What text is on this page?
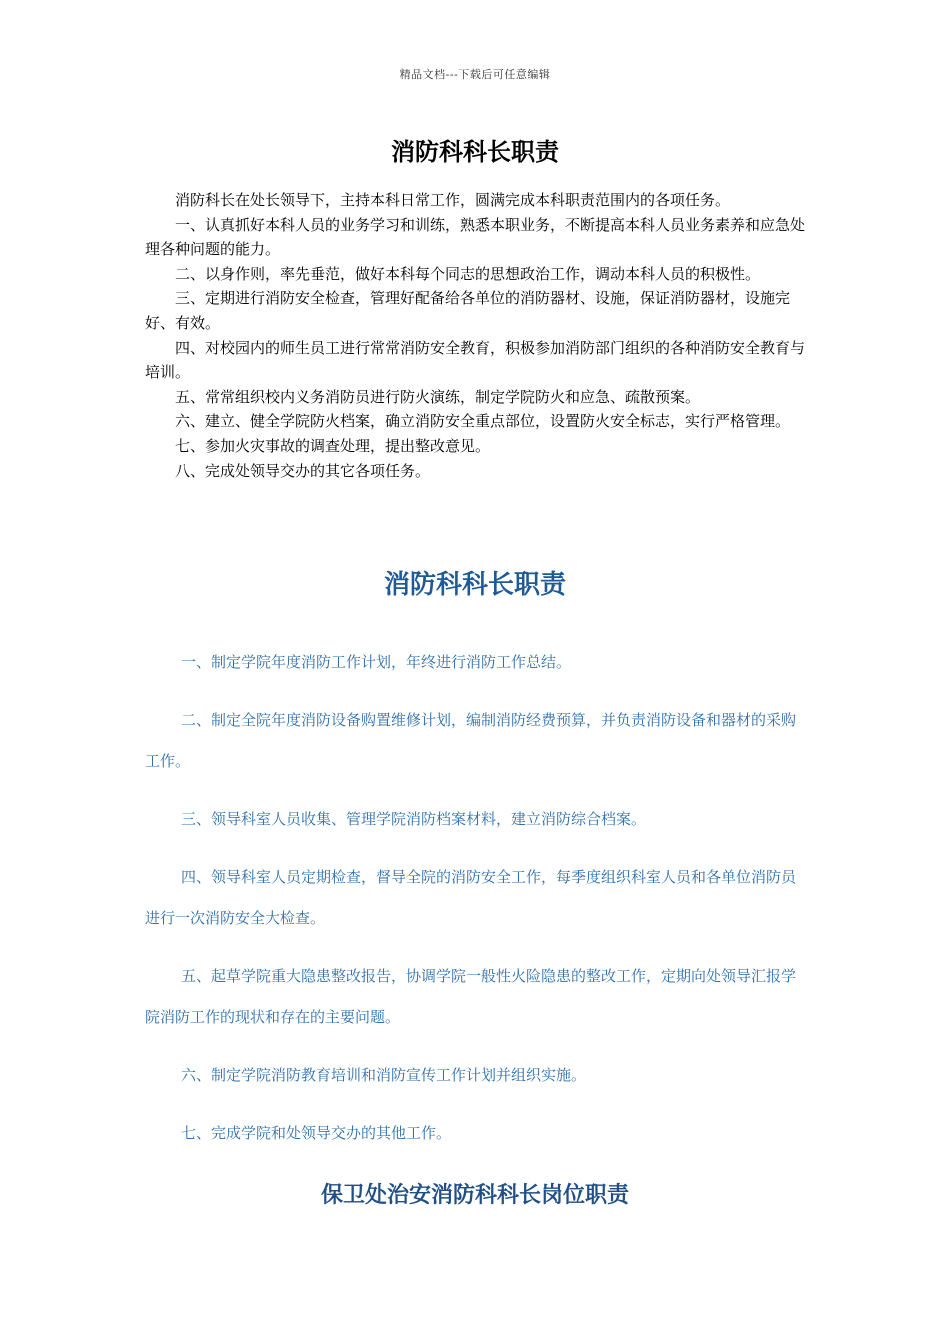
精品文档---下载后可任意编辑
消防科科长职责

消防科长在处长领导下，主持本科日常工作，圆满完成本科职责范围内的各项任务。

一、认真抓好本科人员的业务学习和训练，熟悉本职业务，不断提高本科人员业务素养和应急处理各种问题的能力。

二、以身作则，率先垂范，做好本科每个同志的思想政治工作，调动本科人员的积极性。

三、定期进行消防安全检查，管理好配备给各单位的消防器材、设施，保证消防器材，设施完好、有效。

四、对校园内的师生员工进行常常消防安全教育，积极参加消防部门组织的各种消防安全教育与培训。

五、常常组织校内义务消防员进行防火演练，制定学院防火和应急、疏散预案。

六、建立、健全学院防火档案，确立消防安全重点部位，设置防火安全标志，实行严格管理。

七、参加火灾事故的调查处理，提出整改意见。

八、完成处领导交办的其它各项任务。

消防科科长职责

一、制定学院年度消防工作计划，年终进行消防工作总结。

二、制定全院年度消防设备购置维修计划，编制消防经费预算，并负责消防设备和器材的采购工作。

三、领导科室人员收集、管理学院消防档案材料，建立消防综合档案。

四、领导科室人员定期检查，督导全院的消防安全工作，每季度组织科室人员和各单位消防员进行一次消防安全大检查。

五、起草学院重大隐患整改报告，协调学院一般性火险隐患的整改工作，定期向处领导汇报学院消防工作的现状和存在的主要问题。

六、制定学院消防教育培训和消防宣传工作计划并组织实施。

七、完成学院和处领导交办的其他工作。

保卫处治安消防科科长岗位职责
